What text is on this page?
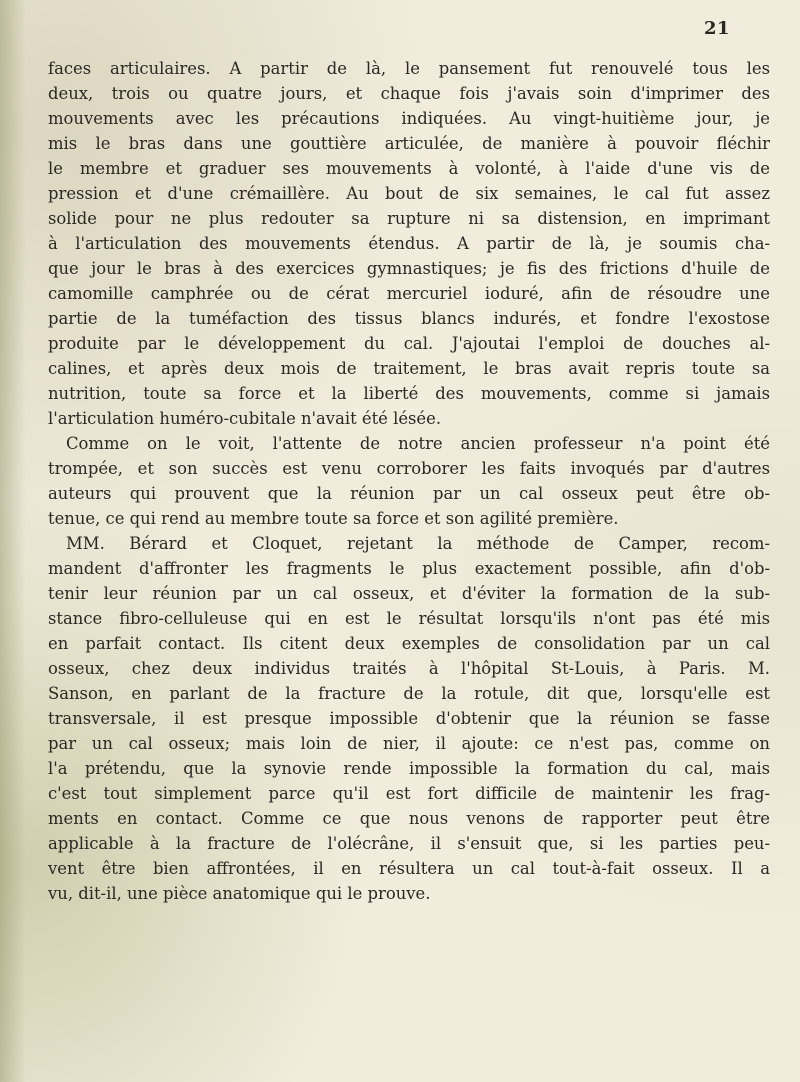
21
faces articulaires. A partir de là, le pansement fut renouvelé tous les
deux, trois ou quatre jours, et chaque fois j'avais soin d'imprimer des
mouvements avec les précautions indiquées. Au vingt-huitième jour, je
mis le bras dans une gouttière articulée, de manière à pouvoir fléchir
le membre et graduer ses mouvements à volonté, à l'aide d'une vis de
pression et d'une crémaillère. Au bout de six semaines, le cal fut assez
solide pour ne plus redouter sa rupture ni sa distension, en imprimant
à l'articulation des mouvements étendus. A partir de là, je soumis cha-
que jour le bras à des exercices gymnastiques; je fis des frictions d'huile de
camomille camphrée ou de cérat mercuriel ioduré, afin de résoudre une
partie de la tuméfaction des tissus blancs indurés, et fondre l'exostose
produite par le développement du cal. J'ajoutai l'emploi de douches al-
calines, et après deux mois de traitement, le bras avait repris toute sa
nutrition, toute sa force et la liberté des mouvements, comme si jamais
l'articulation huméro-cubitale n'avait été lésée.
Comme on le voit, l'attente de notre ancien professeur n'a point été
trompée, et son succès est venu corroborer les faits invoqués par d'autres
auteurs qui prouvent que la réunion par un cal osseux peut être ob-
tenue, ce qui rend au membre toute sa force et son agilité première.
MM. Bérard et Cloquet, rejetant la méthode de Camper, recom-
mandent d'affronter les fragments le plus exactement possible, afin d'ob-
tenir leur réunion par un cal osseux, et d'éviter la formation de la sub-
stance fibro-celluleuse qui en est le résultat lorsqu'ils n'ont pas été mis
en parfait contact. Ils citent deux exemples de consolidation par un cal
osseux, chez deux individus traités à l'hôpital St-Louis, à Paris. M.
Sanson, en parlant de la fracture de la rotule, dit que, lorsqu'elle est
transversale, il est presque impossible d'obtenir que la réunion se fasse
par un cal osseux; mais loin de nier, il ajoute: ce n'est pas, comme on
l'a prétendu, que la synovie rende impossible la formation du cal, mais
c'est tout simplement parce qu'il est fort difficile de maintenir les frag-
ments en contact. Comme ce que nous venons de rapporter peut être
applicable à la fracture de l'olécrâne, il s'ensuit que, si les parties peu-
vent être bien affrontées, il en résultera un cal tout-à-fait osseux. Il a
vu, dit-il, une pièce anatomique qui le prouve.
